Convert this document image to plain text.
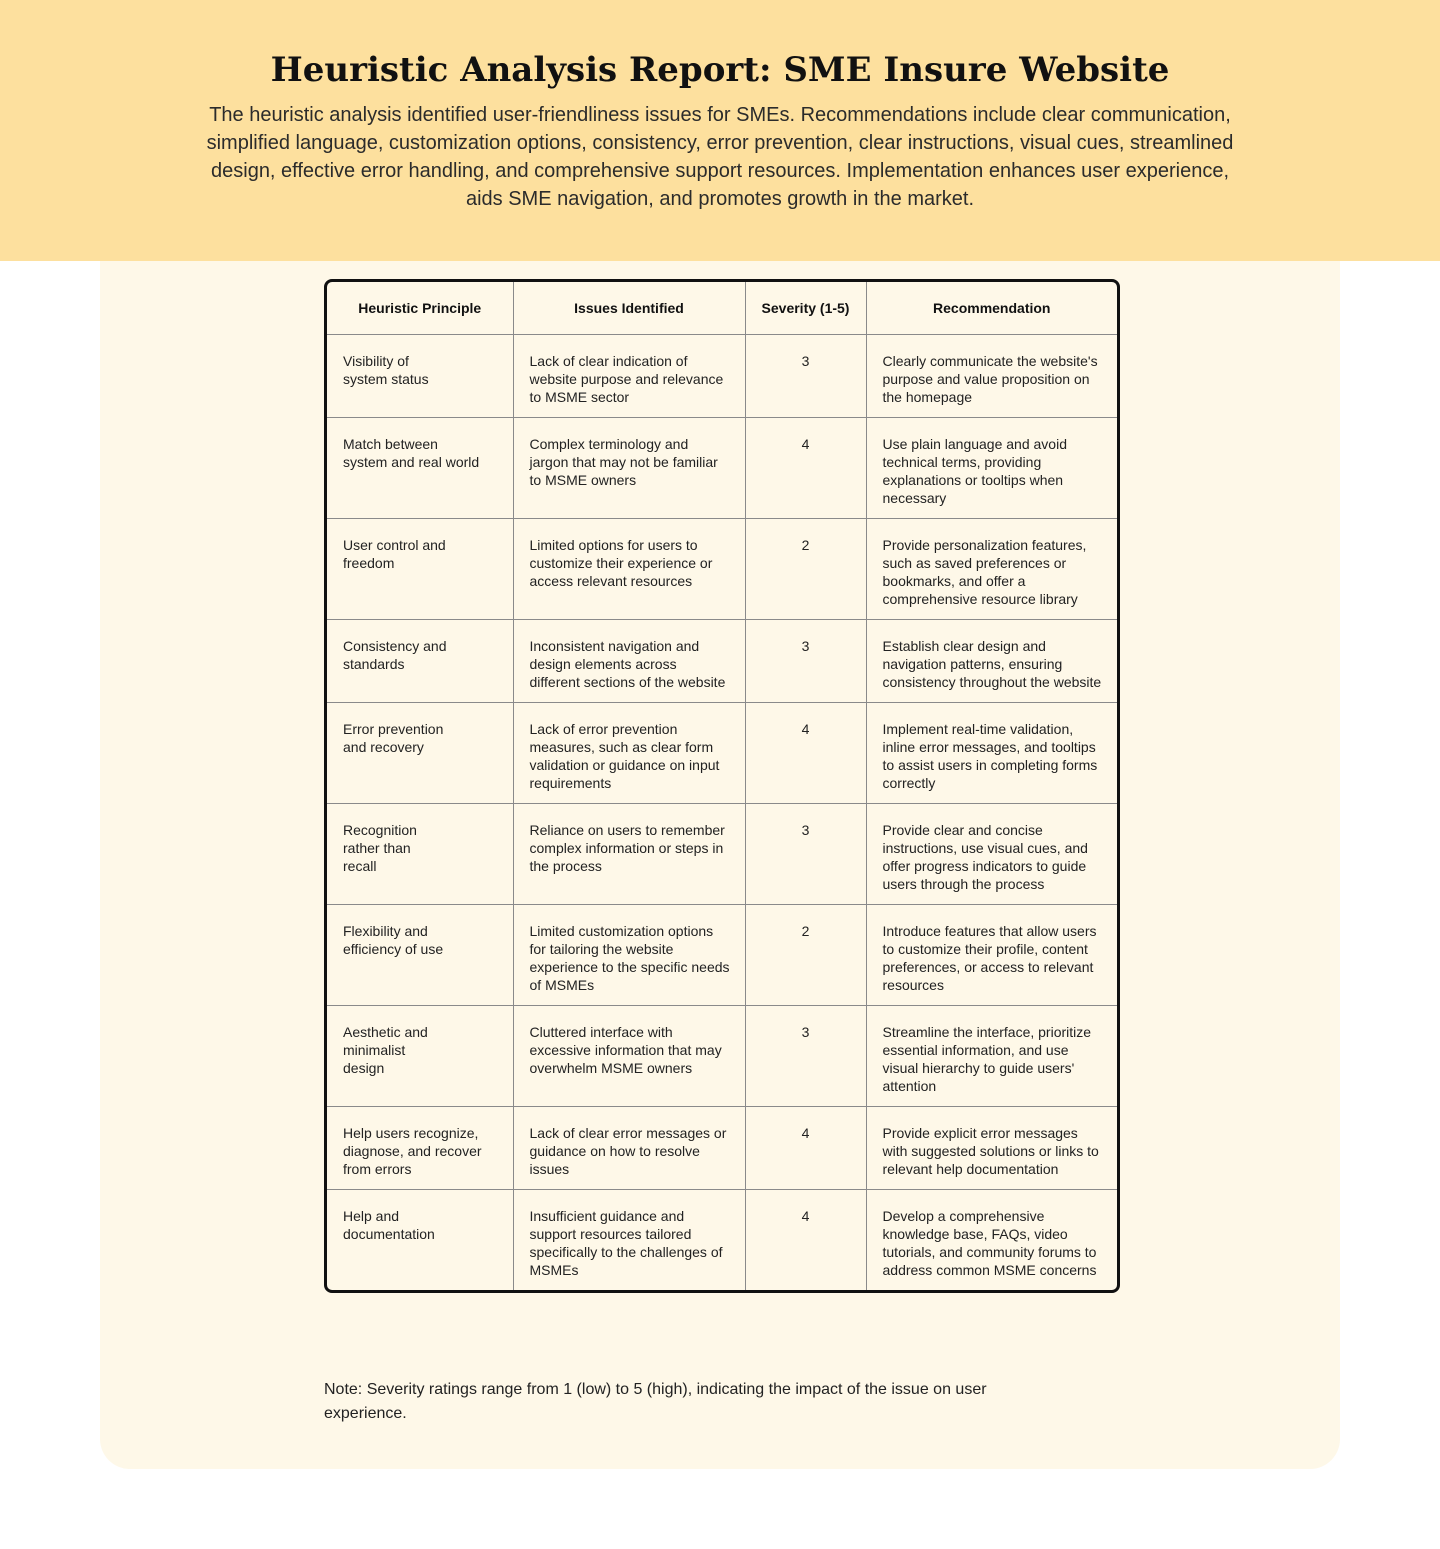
Heuristic Analysis Report: SME Insure Website

The heuristic analysis identified user-friendliness issues for SMEs. Recommendations include clear communication, simplified language, customization options, consistency, error prevention, clear instructions, visual cues, streamlined design, effective error handling, and comprehensive support resources. Implementation enhances user experience, aids SME navigation, and promotes growth in the market.

Heuristic Principle	Issues Identified	Severity (1-5)	Recommendation
Visibility of
system status	Lack of clear indication of website purpose and relevance to MSME sector	3	Clearly communicate the website's purpose and value proposition on the homepage
Match between
system and real world	Complex terminology and jargon that may not be familiar to MSME owners	4	Use plain language and avoid technical terms, providing explanations or tooltips when necessary
User control and
freedom	Limited options for users to customize their experience or access relevant resources	2	Provide personalization features, such as saved preferences or bookmarks, and offer a comprehensive resource library
Consistency and
standards	Inconsistent navigation and design elements across different sections of the website	3	Establish clear design and navigation patterns, ensuring consistency throughout the website
Error prevention
and recovery	Lack of error prevention measures, such as clear form validation or guidance on input requirements	4	Implement real-time validation, inline error messages, and tooltips to assist users in completing forms correctly
Recognition
rather than
recall	Reliance on users to remember complex information or steps in the process	3	Provide clear and concise instructions, use visual cues, and offer progress indicators to guide users through the process
Flexibility and
efficiency of use	Limited customization options for tailoring the website experience to the specific needs of MSMEs	2	Introduce features that allow users to customize their profile, content preferences, or access to relevant resources
Aesthetic and
minimalist
design	Cluttered interface with excessive information that may overwhelm MSME owners	3	Streamline the interface, prioritize essential information, and use visual hierarchy to guide users' attention
Help users recognize,
diagnose, and recover
from errors	Lack of clear error messages or guidance on how to resolve issues	4	Provide explicit error messages with suggested solutions or links to relevant help documentation
Help and
documentation	Insufficient guidance and support resources tailored specifically to the challenges of MSMEs	4	Develop a comprehensive knowledge base, FAQs, video tutorials, and community forums to address common MSME concerns

Note: Severity ratings range from 1 (low) to 5 (high), indicating the impact of the issue on user experience.
